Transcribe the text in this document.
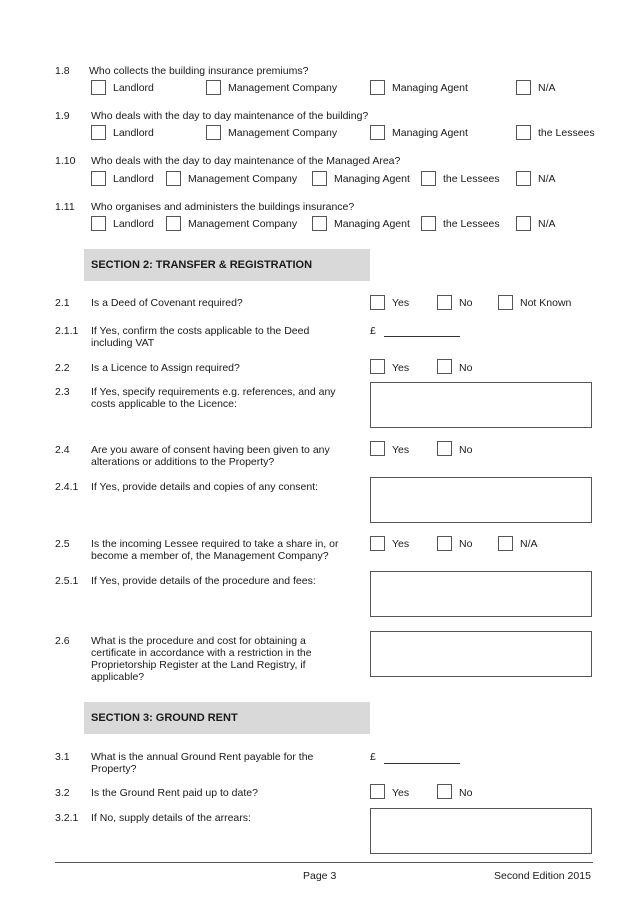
1.8 Who collects the building insurance premiums?
Landlord	Management Company	Managing Agent	N/A
1.9 Who deals with the day to day maintenance of the building?
Landlord	Management Company	Managing Agent	the Lessees
1.10 Who deals with the day to day maintenance of the Managed Area?
Landlord	Management Company	Managing Agent	the Lessees	N/A
1.11 Who organises and administers the buildings insurance?
Landlord	Management Company	Managing Agent	the Lessees	N/A
SECTION 2: TRANSFER & REGISTRATION
2.1 Is a Deed of Covenant required?	Yes	No	Not Known
2.1.1 If Yes, confirm the costs applicable to the Deed including VAT
£
2.2 Is a Licence to Assign required?	Yes	No
2.3 If Yes, specify requirements e.g. references, and any costs applicable to the Licence:
2.4 Are you aware of consent having been given to any alterations or additions to the Property?
Yes	No
2.4.1 If Yes, provide details and copies of any consent:
2.5 Is the incoming Lessee required to take a share in, or become a member of, the Management Company?
Yes	No	N/A
2.5.1 If Yes, provide details of the procedure and fees:
2.6 What is the procedure and cost for obtaining a certificate in accordance with a restriction in the Proprietorship Register at the Land Registry, if applicable?
SECTION 3: GROUND RENT
3.1 What is the annual Ground Rent payable for the Property?
£
3.2 Is the Ground Rent paid up to date?	Yes	No
3.2.1 If No, supply details of the arrears:
Page 3	Second Edition 2015
